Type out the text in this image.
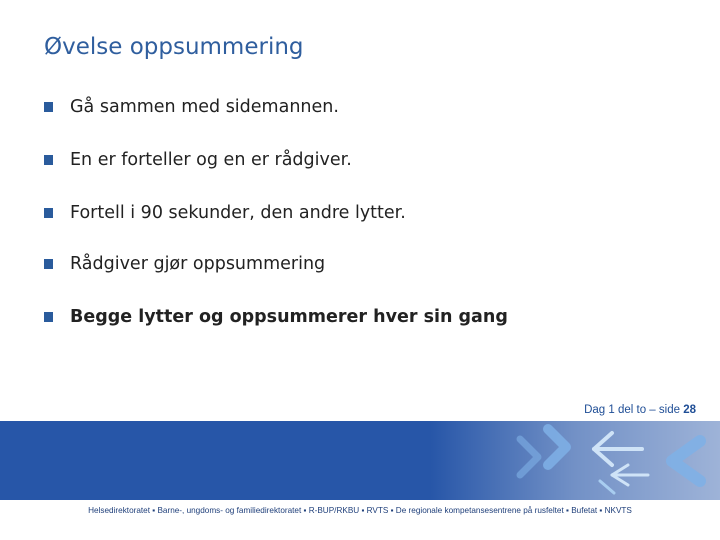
Øvelse oppsummering
Gå sammen med sidemannen.
En er forteller og en er rådgiver.
Fortell i 90 sekunder, den andre lytter.
Rådgiver gjør oppsummering
Begge lytter og oppsummerer hver sin gang
Dag 1 del to – side 28
Helsedirektoratet ▪ Barne-, ungdoms- og familiedirektoratet ▪ R-BUP/RKBU ▪ RVTS ▪ De regionale kompetansesentrene på rusfeltet ▪ Bufetat ▪ NKVTS
